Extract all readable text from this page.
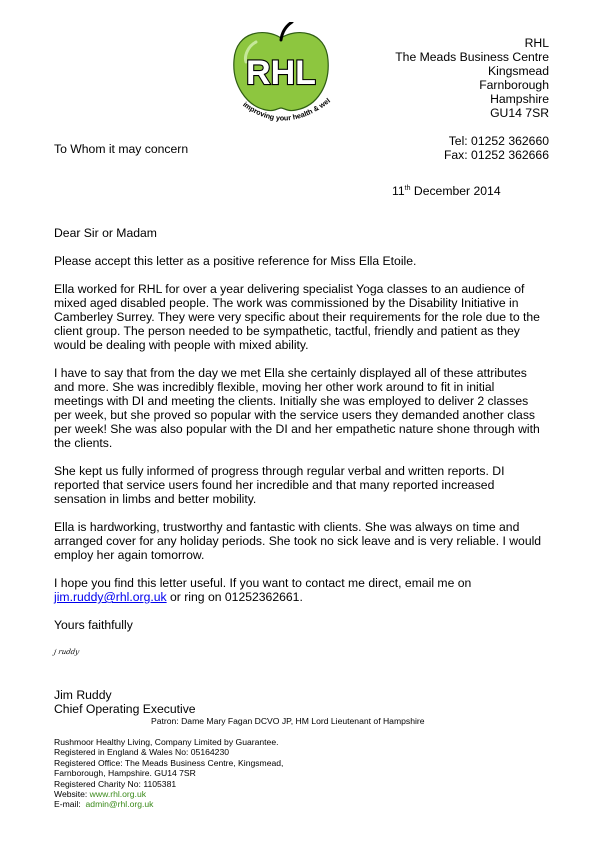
RHL
improving your health & wel
RHL
The Meads Business Centre
Kingsmead
Farnborough
Hampshire
GU14 7SR
Tel: 01252 362660
Fax: 01252 362666
To Whom it may concern
11th December 2014
Dear Sir or Madam

Please accept this letter as a positive reference for Miss Ella Etoile.

Ella worked for RHL for over a year delivering specialist Yoga classes to an audience of mixed aged disabled people. The work was commissioned by the Disability Initiative in Camberley Surrey. They were very specific about their requirements for the role due to the client group. The person needed to be sympathetic, tactful, friendly and patient as they would be dealing with people with mixed ability.

I have to say that from the day we met Ella she certainly displayed all of these attributes and more. She was incredibly flexible, moving her other work around to fit in initial meetings with DI and meeting the clients. Initially she was employed to deliver 2 classes per week, but she proved so popular with the service users they demanded another class per week! She was also popular with the DI and her empathetic nature shone through with the clients.

She kept us fully informed of progress through regular verbal and written reports. DI reported that service users found her incredible and that many reported increased sensation in limbs and better mobility.

Ella is hardworking, trustworthy and fantastic with clients. She was always on time and arranged cover for any holiday periods. She took no sick leave and is very reliable. I would employ her again tomorrow.

I hope you find this letter useful. If you want to contact me direct, email me on
jim.ruddy@rhl.org.uk or ring on 01252362661.
Yours faithfully
j ruddy
Jim Ruddy
Chief Operating Executive
Patron: Dame Mary Fagan DCVO JP, HM Lord Lieutenant of Hampshire
Rushmoor Healthy Living, Company Limited by Guarantee.
Registered in England & Wales No: 05164230
Registered Office: The Meads Business Centre, Kingsmead,
Farnborough, Hampshire. GU14 7SR
Registered Charity No: 1105381
Website: www.rhl.org.uk
E-mail:  admin@rhl.org.uk
